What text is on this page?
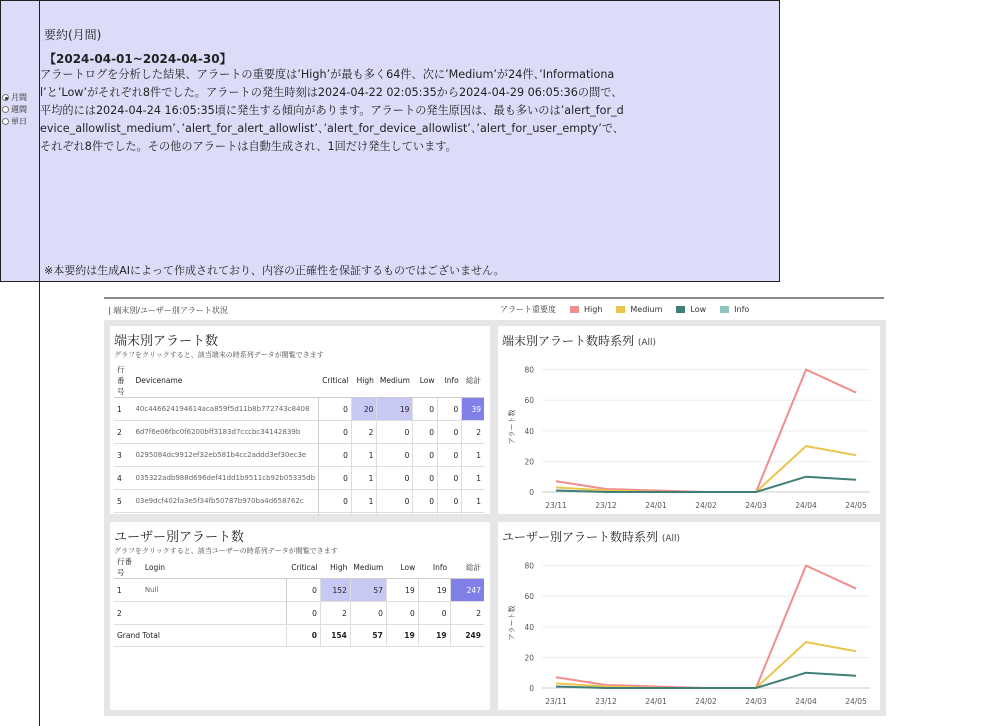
月間
週間
単日
要約(月間)
【2024-04-01~2024-04-30】
アラートログを分析した結果、アラートの重要度は’High’が最も多く64件、次に’Medium’が24件、’Informational’と’Low’がそれぞれ8件でした。アラートの発生時刻は2024-04-22 02:05:35から2024-04-29 06:05:36の間で、平均的には2024-04-24 16:05:35頃に発生する傾向があります。アラートの発生原因は、最も多いのは’alert_for_device_allowlist_medium’、’alert_for_alert_allowlist’、’alert_for_device_allowlist’、’alert_for_user_empty’で、それぞれ8件でした。その他のアラートは自動生成され、1回だけ発生しています。
※本要約は生成AIによって作成されており、内容の正確性を保証するものではございません。
| 端末別/ユーザー別アラート状況	アラート重要度	High	Medium	Low	Info
端末別アラート数
グラフをクリックすると、該当端末の時系列データが閲覧できます
行番号	Devicename	Critical	High	Medium	Low	Info	総計
1	40c446624194614aca859f5d11b8b772743c8408	0	20	19	0	0	39
2	6d7f6e06fbc0f6200bff3183d7cccbc34142839b	0	2	0	0	0	2
3	0295084dc9912ef32eb581b4cc2addd3ef30ec3e	0	1	0	0	0	1
4	035322adb988d696def41dd1b9511cb92b05335db	0	1	0	0	0	1
5	03e9dcf402fa3e5f34fb50787b970ba4d658762c	0	1	0	0	0	1

ユーザー別アラート数
グラフをクリックすると、該当ユーザーの時系列データが閲覧できます
行番号	Login	Critical	High	Medium	Low	Info	総計
1	Null	0	152	57	19	19	247
2		0	2	0	0	0	2
Grand Total		0	154	57	19	19	249
端末別アラート数時系列 (All)
0
20
40
60
80
23/11	23/12	24/01	24/02	24/03	24/04	24/05
アラート数
ユーザー別アラート数時系列 (All)
0
20
40
60
80
23/11	23/12	24/01	24/02	24/03	24/04	24/05
アラート数
